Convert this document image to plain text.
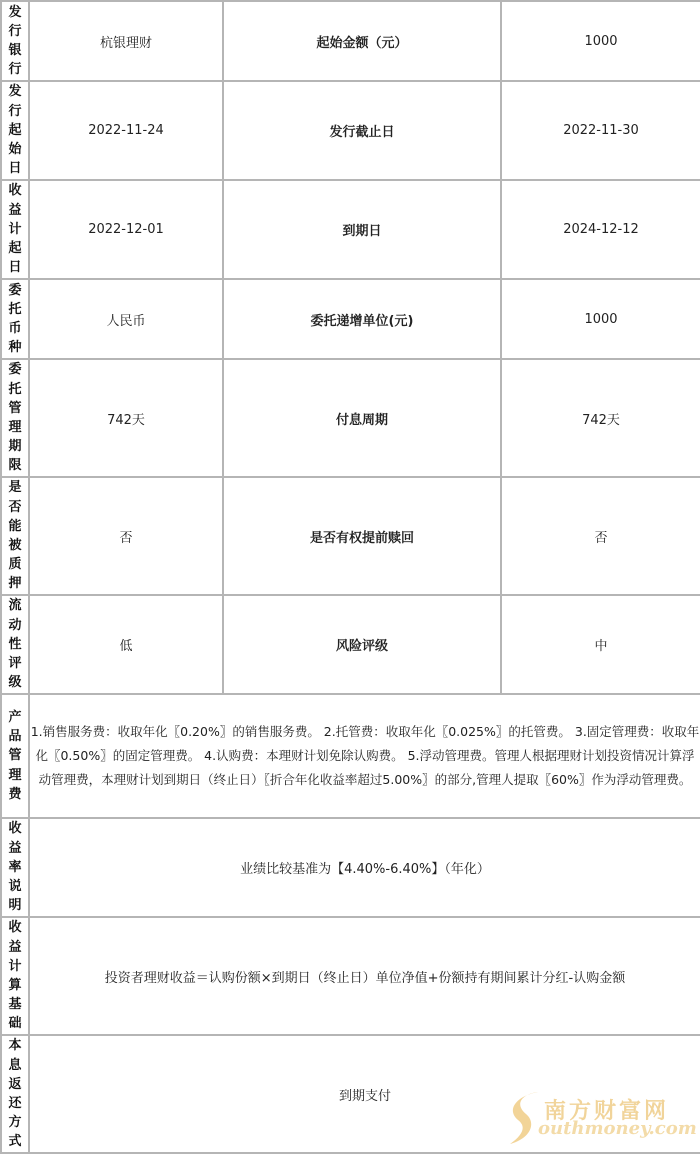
发行银行	杭银理财	起始金额（元）	1000
发行起始日	2022-11-24	发行截止日	2022-11-30
收益计起日	2022-12-01	到期日	2024-12-12
委托币种	人民币	委托递增单位(元)	1000
委托管理期限	742天	付息周期	742天
是否能被质押	否	是否有权提前赎回	否
流动性评级	低	风险评级	中
产品管理费	1.销售服务费：收取年化〖0.20%〗的销售服务费。 2.托管费：收取年化〖0.025%〗的托管费。 3.固定管理费：收取年化〖0.50%〗的固定管理费。 4.认购费：本理财计划免除认购费。 5.浮动管理费。管理人根据理财计划投资情况计算浮动管理费，本理财计划到期日（终止日）〖折合年化收益率超过5.00%〗的部分,管理人提取〖60%〗作为浮动管理费。		
收益率说明	业绩比较基准为【4.40%-6.40%】（年化）		
收益计算基础	投资者理财收益＝认购份额×到期日（终止日）单位净值+份额持有期间累计分红-认购金额		
本息返还方式	到期支付		
南方财富网
outhmoney.com
